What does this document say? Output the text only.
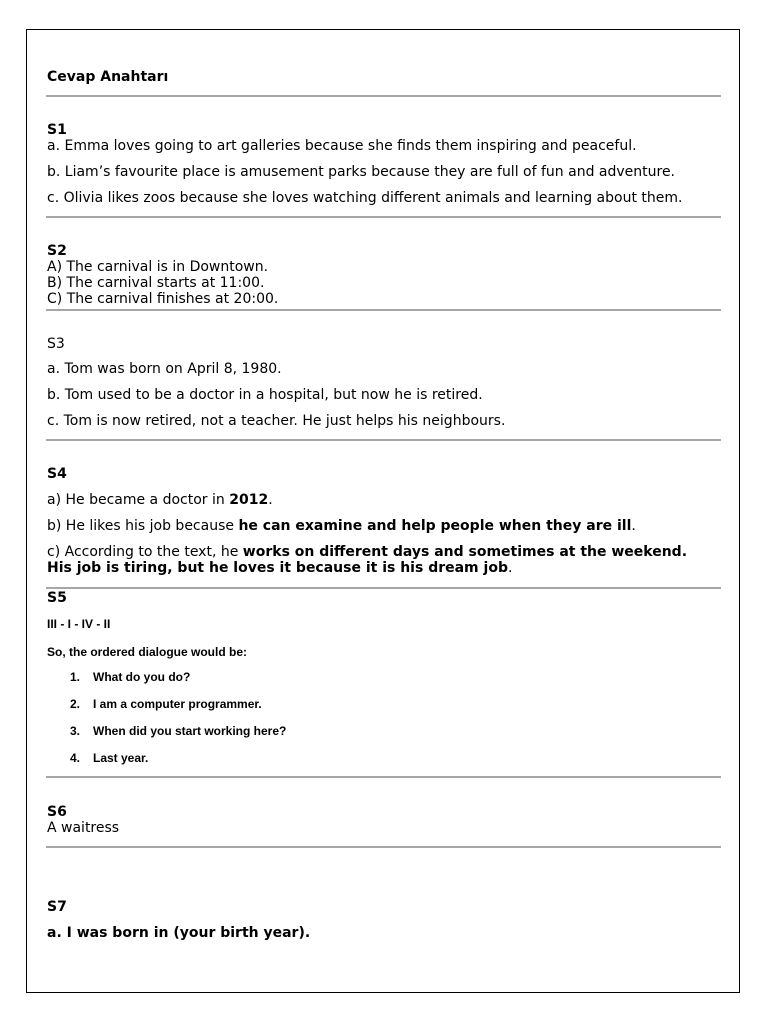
Cevap Anahtarı
S1
a. Emma loves going to art galleries because she finds them inspiring and peaceful.
b. Liam’s favourite place is amusement parks because they are full of fun and adventure.
c. Olivia likes zoos because she loves watching different animals and learning about them.
S2
A) The carnival is in Downtown.
B) The carnival starts at 11:00.
C) The carnival finishes at 20:00.
S3
a. Tom was born on April 8, 1980.
b. Tom used to be a doctor in a hospital, but now he is retired.
c. Tom is now retired, not a teacher. He just helps his neighbours.
S4
a) He became a doctor in 2012.
b) He likes his job because he can examine and help people when they are ill.
c) According to the text, he works on different days and sometimes at the weekend.
His job is tiring, but he loves it because it is his dream job.
S5
III - I - IV - II
So, the ordered dialogue would be:
1. What do you do?
2. I am a computer programmer.
3. When did you start working here?
4. Last year.
S6
A waitress
S7
a. I was born in (your birth year).
